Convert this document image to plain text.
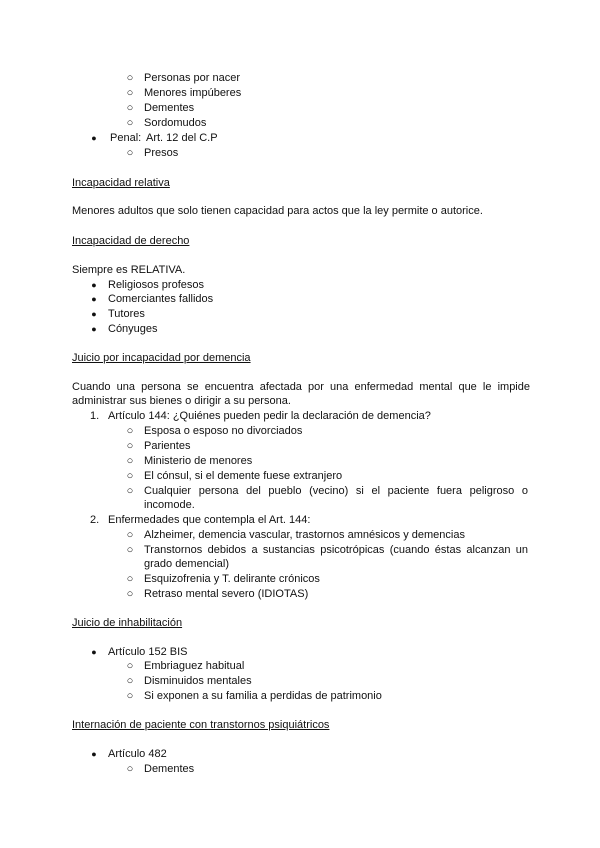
○ Personas por nacer
○ Menores impúberes
○ Dementes
○ Sordomudos
● Penal: Art. 12 del C.P
○ Presos
Incapacidad relativa
Menores adultos que solo tienen capacidad para actos que la ley permite o autorice.
Incapacidad de derecho
Siempre es RELATIVA.
● Religiosos profesos
● Comerciantes fallidos
● Tutores
● Cónyuges
Juicio por incapacidad por demencia
Cuando una persona se encuentra afectada por una enfermedad mental que le impide administrar sus bienes o dirigir a su persona.
1. Artículo 144: ¿Quiénes pueden pedir la declaración de demencia?
○ Esposa o esposo no divorciados
○ Parientes
○ Ministerio de menores
○ El cónsul, si el demente fuese extranjero
○ Cualquier persona del pueblo (vecino) si el paciente fuera peligroso o incomode.
2. Enfermedades que contempla el Art. 144:
○ Alzheimer, demencia vascular, trastornos amnésicos y demencias
○ Transtornos debidos a sustancias psicotrópicas (cuando éstas alcanzan un grado demencial)
○ Esquizofrenia y T. delirante crónicos
○ Retraso mental severo (IDIOTAS)
Juicio de inhabilitación
● Artículo 152 BIS
○ Embriaguez habitual
○ Disminuidos mentales
○ Si exponen a su familia a perdidas de patrimonio
Internación de paciente con transtornos psiquiátricos
● Artículo 482
○ Dementes
